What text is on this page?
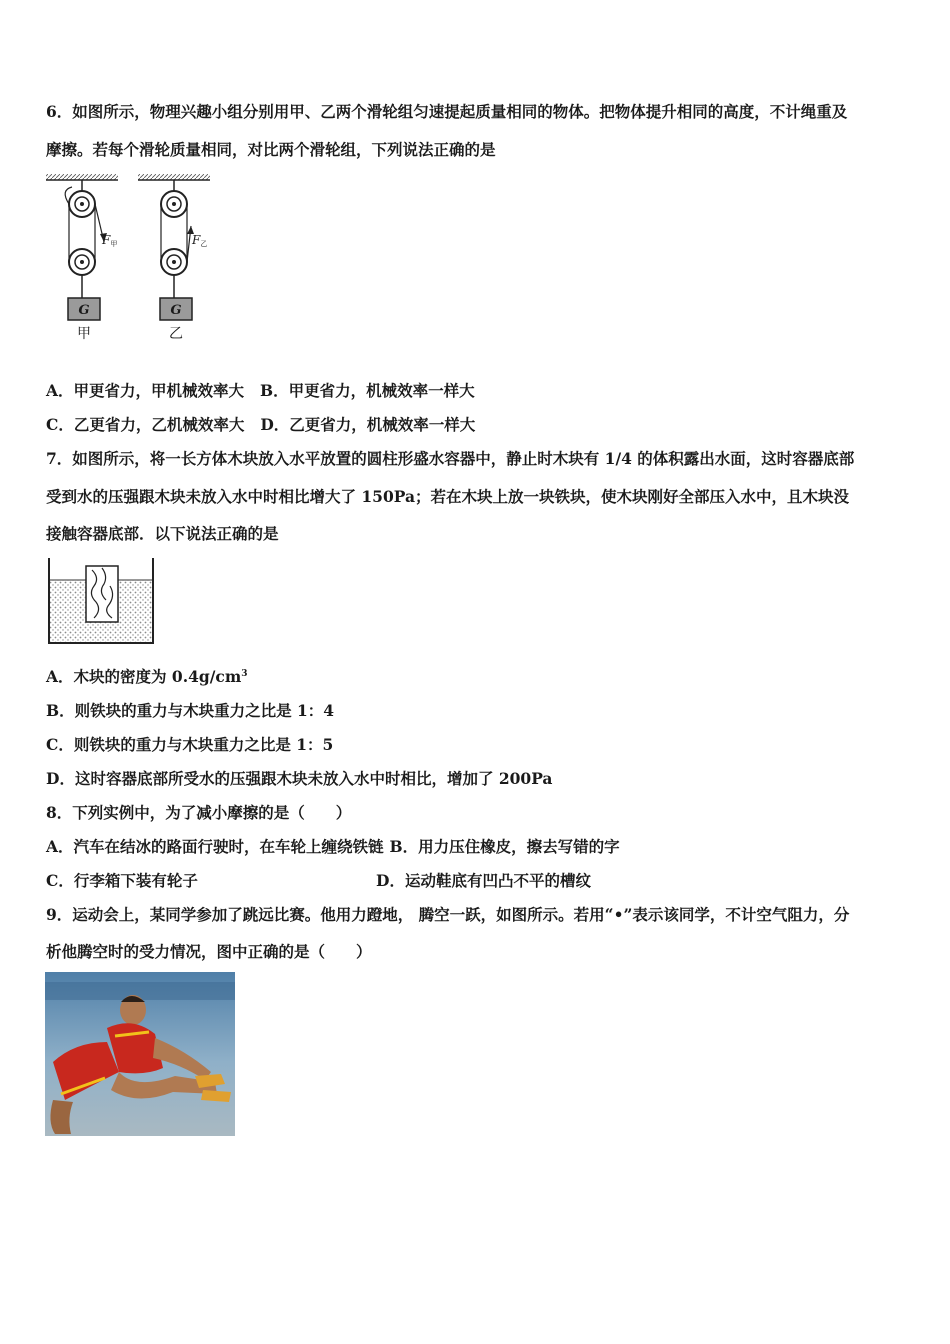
6．如图所示，物理兴趣小组分别用甲、乙两个滑轮组匀速提起质量相同的物体。把物体提升相同的高度，不计绳重及
摩擦。若每个滑轮质量相同，对比两个滑轮组，下列说法正确的是
G
甲
F甲
G
乙
F乙
A．甲更省力，甲机械效率大 B．甲更省力，机械效率一样大
C．乙更省力，乙机械效率大 D．乙更省力，机械效率一样大
7．如图所示，将一长方体木块放入水平放置的圆柱形盛水容器中，静止时木块有 1/4 的体积露出水面，这时容器底部
受到水的压强跟木块未放入水中时相比增大了 150Pa；若在木块上放一块铁块，使木块刚好全部压入水中，且木块没
接触容器底部．以下说法正确的是
A．木块的密度为 $0.4g/cm^3$
B．则铁块的重力与木块重力之比是 1：4
C．则铁块的重力与木块重力之比是 1：5
D．这时容器底部所受水的压强跟木块未放入水中时相比，增加了 200Pa
8．下列实例中，为了减小摩擦的是（　　）
A．汽车在结冰的路面行驶时，在车轮上缠绕铁链 B．用力压住橡皮，擦去写错的字
C．行李箱下装有轮子	D．运动鞋底有凹凸不平的槽纹
9．运动会上，某同学参加了跳远比赛。他用力蹬地， 腾空一跃，如图所示。若用“•”表示该同学，不计空气阻力，分
析他腾空时的受力情况，图中正确的是（　　）
